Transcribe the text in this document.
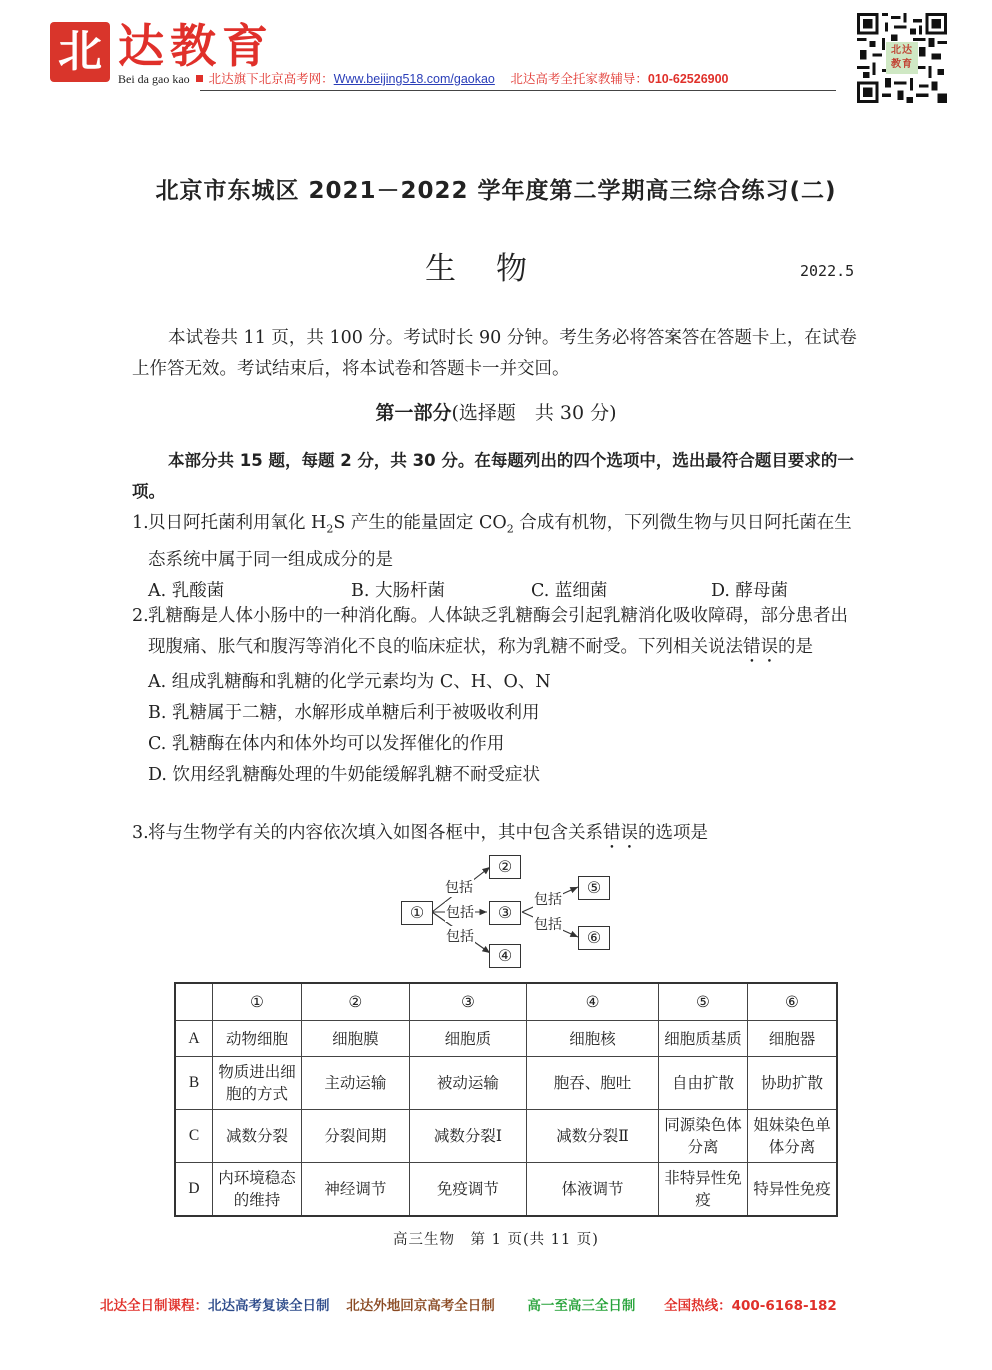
北 达教育
Bei da gao kao 北达旗下北京高考网：Www.beijing518.com/gaokao 北达高考全托家教辅导：010-62526900
北达教育
北京市东城区 2021－2022 学年度第二学期高三综合练习(二)
生物	2022.5
本试卷共 11 页，共 100 分。考试时长 90 分钟。考生务必将答案答在答题卡上，在试卷上作答无效。考试结束后，将本试卷和答题卡一并交回。
第一部分(选择题　共 30 分)
本部分共 15 题，每题 2 分，共 30 分。在每题列出的四个选项中，选出最符合题目要求的一项。
1.贝日阿托菌利用氧化 $H_2S$ 产生的能量固定 $CO_2$ 合成有机物，下列微生物与贝日阿托菌在生态系统中属于同一组成成分的是
A. 乳酸菌	B. 大肠杆菌	C. 蓝细菌	D. 酵母菌
2.乳糖酶是人体小肠中的一种消化酶。人体缺乏乳糖酶会引起乳糖消化吸收障碍，部分患者出现腹痛、胀气和腹泻等消化不良的临床症状，称为乳糖不耐受。下列相关说法错误的是
A. 组成乳糖酶和乳糖的化学元素均为 C、H、O、N
B. 乳糖属于二糖，水解形成单糖后利于被吸收利用
C. 乳糖酶在体内和体外均可以发挥催化的作用
D. 饮用经乳糖酶处理的牛奶能缓解乳糖不耐受症状
3.将与生物学有关的内容依次填入如图各框中，其中包含关系错误的选项是
①
②
③
④
⑤
⑥
包括
包括
包括
包括
包括
	①	②	③	④	⑤	⑥
A	动物细胞	细胞膜	细胞质	细胞核	细胞质基质	细胞器
B	物质进出细胞的方式	主动运输	被动运输	胞吞、胞吐	自由扩散	协助扩散
C	减数分裂	分裂间期	减数分裂Ⅰ	减数分裂Ⅱ	同源染色体分离	姐妹染色单体分离
D	内环境稳态的维持	神经调节	免疫调节	体液调节	非特异性免疫	特异性免疫
高三生物　第 1 页(共 11 页)
北达全日制课程：北达高考复读全日制 北达外地回京高考全日制 高一至高三全日制 全国热线：400-6168-182
